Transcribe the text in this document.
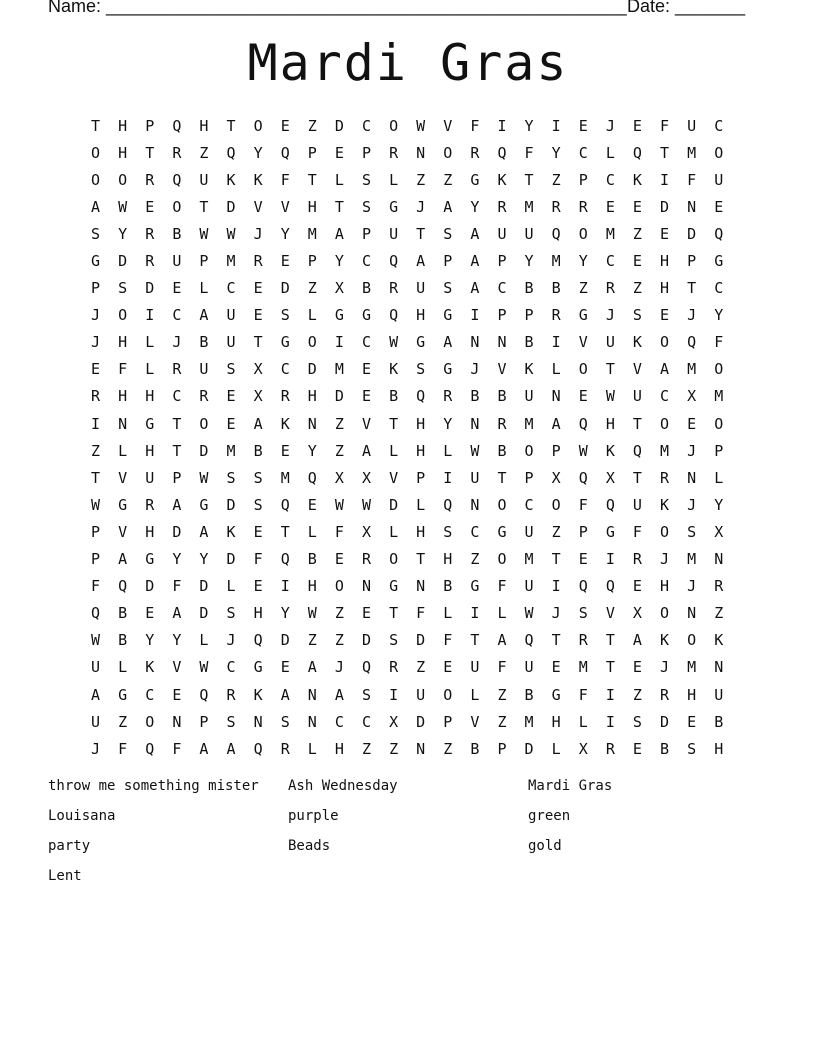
Name: ____________________________________________________ Date: _______
Mardi Gras
T	H	P	Q	H	T	O	E	Z	D	C	O	W	V	F	I	Y	I	E	J	E	F	U	C
O	H	T	R	Z	Q	Y	Q	P	E	P	R	N	O	R	Q	F	Y	C	L	Q	T	M	O
O	O	R	Q	U	K	K	F	T	L	S	L	Z	Z	G	K	T	Z	P	C	K	I	F	U
A	W	E	O	T	D	V	V	H	T	S	G	J	A	Y	R	M	R	R	E	E	D	N	E
S	Y	R	B	W	W	J	Y	M	A	P	U	T	S	A	U	U	Q	O	M	Z	E	D	Q
G	D	R	U	P	M	R	E	P	Y	C	Q	A	P	A	P	Y	M	Y	C	E	H	P	G
P	S	D	E	L	C	E	D	Z	X	B	R	U	S	A	C	B	B	Z	R	Z	H	T	C
J	O	I	C	A	U	E	S	L	G	G	Q	H	G	I	P	P	R	G	J	S	E	J	Y
J	H	L	J	B	U	T	G	O	I	C	W	G	A	N	N	B	I	V	U	K	O	Q	F
E	F	L	R	U	S	X	C	D	M	E	K	S	G	J	V	K	L	O	T	V	A	M	O
R	H	H	C	R	E	X	R	H	D	E	B	Q	R	B	B	U	N	E	W	U	C	X	M
I	N	G	T	O	E	A	K	N	Z	V	T	H	Y	N	R	M	A	Q	H	T	O	E	O
Z	L	H	T	D	M	B	E	Y	Z	A	L	H	L	W	B	O	P	W	K	Q	M	J	P
T	V	U	P	W	S	S	M	Q	X	X	V	P	I	U	T	P	X	Q	X	T	R	N	L
W	G	R	A	G	D	S	Q	E	W	W	D	L	Q	N	O	C	O	F	Q	U	K	J	Y
P	V	H	D	A	K	E	T	L	F	X	L	H	S	C	G	U	Z	P	G	F	O	S	X
P	A	G	Y	Y	D	F	Q	B	E	R	O	T	H	Z	O	M	T	E	I	R	J	M	N
F	Q	D	F	D	L	E	I	H	O	N	G	N	B	G	F	U	I	Q	Q	E	H	J	R
Q	B	E	A	D	S	H	Y	W	Z	E	T	F	L	I	L	W	J	S	V	X	O	N	Z
W	B	Y	Y	L	J	Q	D	Z	Z	D	S	D	F	T	A	Q	T	R	T	A	K	O	K
U	L	K	V	W	C	G	E	A	J	Q	R	Z	E	U	F	U	E	M	T	E	J	M	N
A	G	C	E	Q	R	K	A	N	A	S	I	U	O	L	Z	B	G	F	I	Z	R	H	U
U	Z	O	N	P	S	N	S	N	C	C	X	D	P	V	Z	M	H	L	I	S	D	E	B
J	F	Q	F	A	A	Q	R	L	H	Z	Z	N	Z	B	P	D	L	X	R	E	B	S	H
throw me something mister	Ash Wednesday	Mardi Gras
Louisana	purple	green
party	Beads	gold
Lent
